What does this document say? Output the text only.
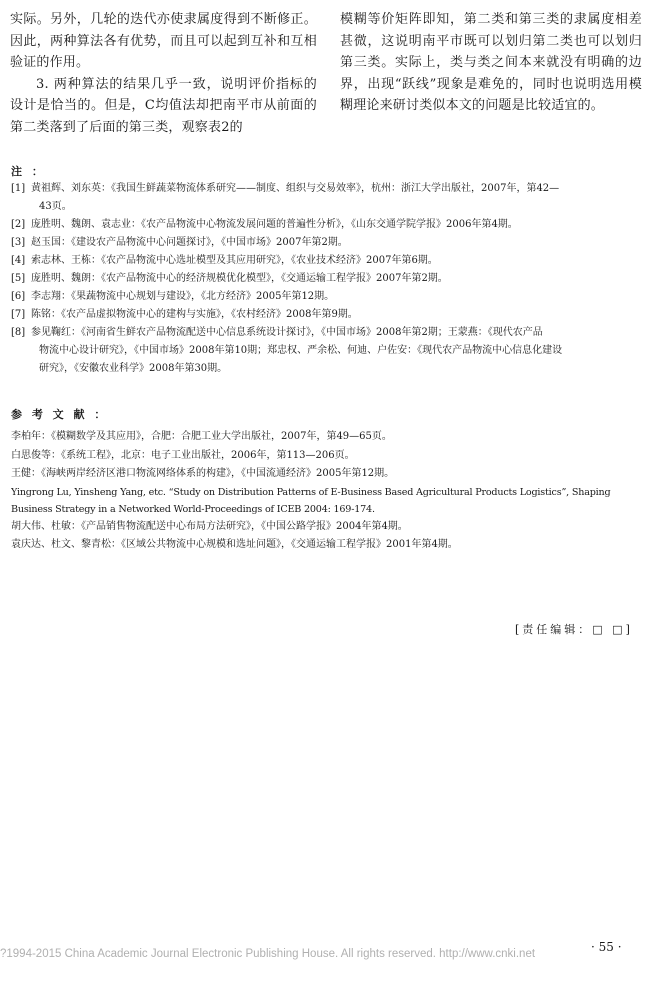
实际。另外，几轮的迭代亦使隶属度得到不断修正。因此，两种算法各有优势，而且可以起到互补和互相验证的作用。

3. 两种算法的结果几乎一致，说明评价指标的设计是恰当的。但是，C均值法却把南平市从前面的第二类落到了后面的第三类，观察表2的

模糊等价矩阵即知，第二类和第三类的隶属度相差甚微，这说明南平市既可以划归第二类也可以划归第三类。实际上，类与类之间本来就没有明确的边界，出现“跃线”现象是难免的，同时也说明选用模糊理论来研讨类似本文的问题是比较适宜的。

注 ：
[1] 黄祖辉、刘东英：《我国生鲜蔬菜物流体系研究——制度、组织与交易效率》，杭州：浙江大学出版社，2007年，第42—
43页。
[2] 庞胜明、魏朗、袁志业：《农产品物流中心物流发展问题的普遍性分析》，《山东交通学院学报》2006年第4期。
[3] 赵玉国：《建设农产品物流中心问题探讨》，《中国市场》2007年第2期。
[4] 索志林、王栋：《农产品物流中心选址模型及其应用研究》，《农业技术经济》2007年第6期。
[5] 庞胜明、魏朗：《农产品物流中心的经济规模优化模型》，《交通运输工程学报》2007年第2期。
[6] 李志翔：《果蔬物流中心规划与建设》，《北方经济》2005年第12期。
[7] 陈铭：《农产品虚拟物流中心的建构与实施》，《农村经济》2008年第9期。
[8] 参见鞠红：《河南省生鲜农产品物流配送中心信息系统设计探讨》，《中国市场》2008年第2期；王蒙燕：《现代农产品
物流中心设计研究》，《中国市场》2008年第10期；郑忠权、严余松、何迪、户佐安：《现代农产品物流中心信息化建设
研究》，《安徽农业科学》2008年第30期。
参 考 文 献 ：
李柏年：《模糊数学及其应用》，合肥：合肥工业大学出版社，2007年，第49—65页。
白思俊等：《系统工程》，北京：电子工业出版社，2006年，第113—206页。
王健：《海峡两岸经济区港口物流网络体系的构建》，《中国流通经济》2005年第12期。
Yingrong Lu, Yinsheng Yang, etc. “Study on Distribution Patterns of E-Business Based Agricultural Products Logistics”, Shaping Business Strategy in a Networked World-Proceedings of ICEB 2004: 169-174.
胡大伟、杜敏：《产品销售物流配送中心布局方法研究》，《中国公路学报》2004年第4期。
袁庆达、杜文、黎青松：《区域公共物流中心规模和选址问题》，《交通运输工程学报》2001年第4期。
[责任编辑：□ □]
· 55 ·
?1994-2015 China Academic Journal Electronic Publishing House. All rights reserved. http://www.cnki.net
